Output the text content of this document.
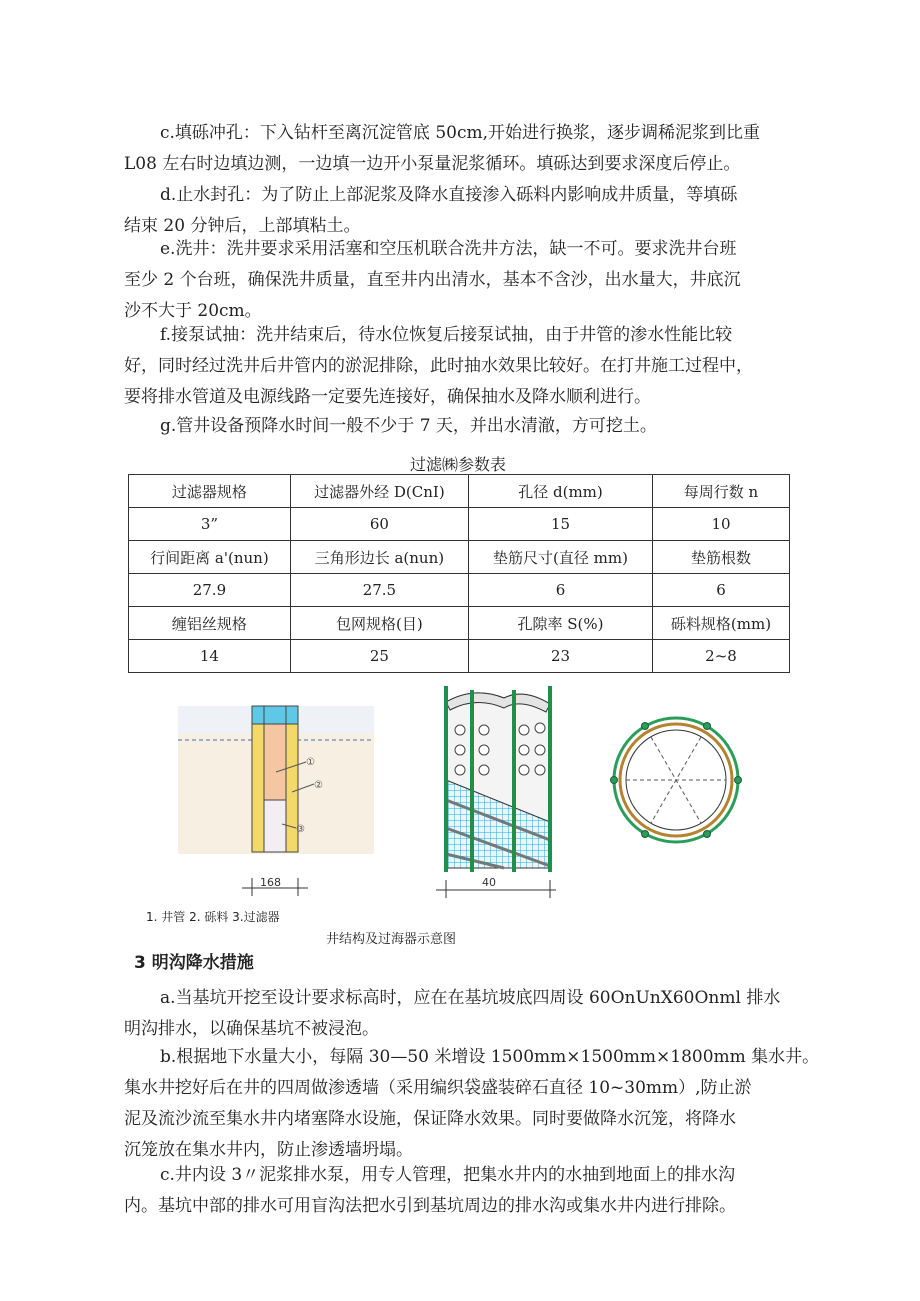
c.填砾冲孔：下入钻杆至离沉淀管底 50cm,开始进行换浆，逐步调稀泥浆到比重
L08 左右时边填边测，一边填一边开小泵量泥浆循环。填砾达到要求深度后停止。

d.止水封孔：为了防止上部泥浆及降水直接渗入砾料内影响成井质量，等填砾
结束 20 分钟后，上部填粘土。

e.洗井：洗井要求采用活塞和空压机联合洗井方法，缺一不可。要求洗井台班
至少 2 个台班，确保洗井质量，直至井内出清水，基本不含沙，出水量大，井底沉
沙不大于 20cm。

f.接泵试抽：洗井结束后，待水位恢复后接泵试抽，由于井管的渗水性能比较
好，同时经过洗井后井管内的淤泥排除，此时抽水效果比较好。在打井施工过程中，
要将排水管道及电源线路一定要先连接好，确保抽水及降水顺利进行。

g.管井设备预降水时间一般不少于 7 天，并出水清澈，方可挖土。

过滤㈱参数表
过滤器规格	过滤器外经 D(CnI)	孔径 d(mm)	每周行数 n
3”	60	15	10
行间距离 a'(nun)	三角形边长 a(nun)	垫筋尺寸(直径 mm)	垫筋根数
27.9	27.5	6	6
缠铝丝规格	包网规格(目)	孔隙率 S(%)	砾料规格(mm)
14	25	23	2~8
①
②
③
168	40
1. 井管 2. 砾料 3.过滤器
井结构及过海器示意图
3 明沟降水措施

a.当基坑开挖至设计要求标高时，应在在基坑坡底四周设 60OnUnX60Onml 排水
明沟排水，以确保基坑不被浸泡。

b.根据地下水量大小，每隔 30—50 米增设 1500mm×1500mm×1800mm 集水井。
集水井挖好后在井的四周做渗透墙（采用编织袋盛装碎石直径 10~30mm）,防止淤
泥及流沙流至集水井内堵塞降水设施，保证降水效果。同时要做降水沉笼，将降水
沉笼放在集水井内，防止渗透墙坍塌。

c.井内设 3〃泥浆排水泵，用专人管理，把集水井内的水抽到地面上的排水沟
内。基坑中部的排水可用盲沟法把水引到基坑周边的排水沟或集水井内进行排除。
